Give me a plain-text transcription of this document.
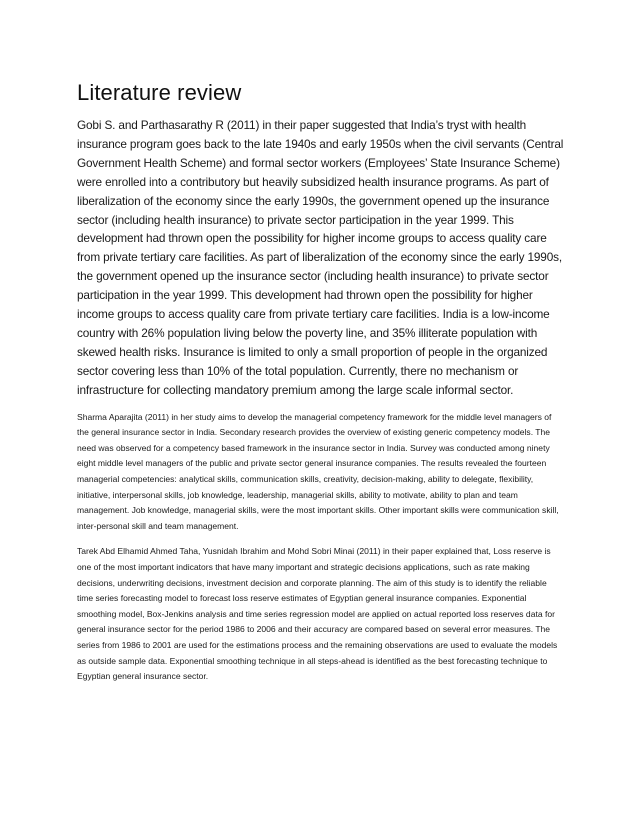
Literature review

Gobi S. and Parthasarathy R (2011) in their paper suggested that India’s tryst with health insurance program goes back to the late 1940s and early 1950s when the civil servants (Central Government Health Scheme) and formal sector workers (Employees’ State Insurance Scheme) were enrolled into a contributory but heavily subsidized health insurance programs. As part of liberalization of the economy since the early 1990s, the government opened up the insurance sector (including health insurance) to private sector participation in the year 1999. This development had thrown open the possibility for higher income groups to access quality care from private tertiary care facilities. As part of liberalization of the economy since the early 1990s, the government opened up the insurance sector (including health insurance) to private sector participation in the year 1999. This development had thrown open the possibility for higher income groups to access quality care from private tertiary care facilities. India is a low-income country with 26% population living below the poverty line, and 35% illiterate population with skewed health risks. Insurance is limited to only a small proportion of people in the organized sector covering less than 10% of the total population. Currently, there no mechanism or infrastructure for collecting mandatory premium among the large scale informal sector.

Sharma Aparajita (2011) in her study aims to develop the managerial competency framework for the middle level managers of the general insurance sector in India. Secondary research provides the overview of existing generic competency models. The need was observed for a competency based framework in the insurance sector in India. Survey was conducted among ninety eight middle level managers of the public and private sector general insurance companies. The results revealed the fourteen managerial competencies: analytical skills, communication skills, creativity, decision-making, ability to delegate, flexibility, initiative, interpersonal skills, job knowledge, leadership, managerial skills, ability to motivate, ability to plan and team management. Job knowledge, managerial skills, were the most important skills. Other important skills were communication skill, inter-personal skill and team management.

Tarek Abd Elhamid Ahmed Taha, Yusnidah Ibrahim and Mohd Sobri Minai (2011) in their paper explained that, Loss reserve is one of the most important indicators that have many important and strategic decisions applications, such as rate making decisions, underwriting decisions, investment decision and corporate planning. The aim of this study is to identify the reliable time series forecasting model to forecast loss reserve estimates of Egyptian general insurance companies. Exponential smoothing model, Box-Jenkins analysis and time series regression model are applied on actual reported loss reserves data for general insurance sector for the period 1986 to 2006 and their accuracy are compared based on several error measures. The series from 1986 to 2001 are used for the estimations process and the remaining observations are used to evaluate the models as outside sample data. Exponential smoothing technique in all steps-ahead is identified as the best forecasting technique to Egyptian general insurance sector.
